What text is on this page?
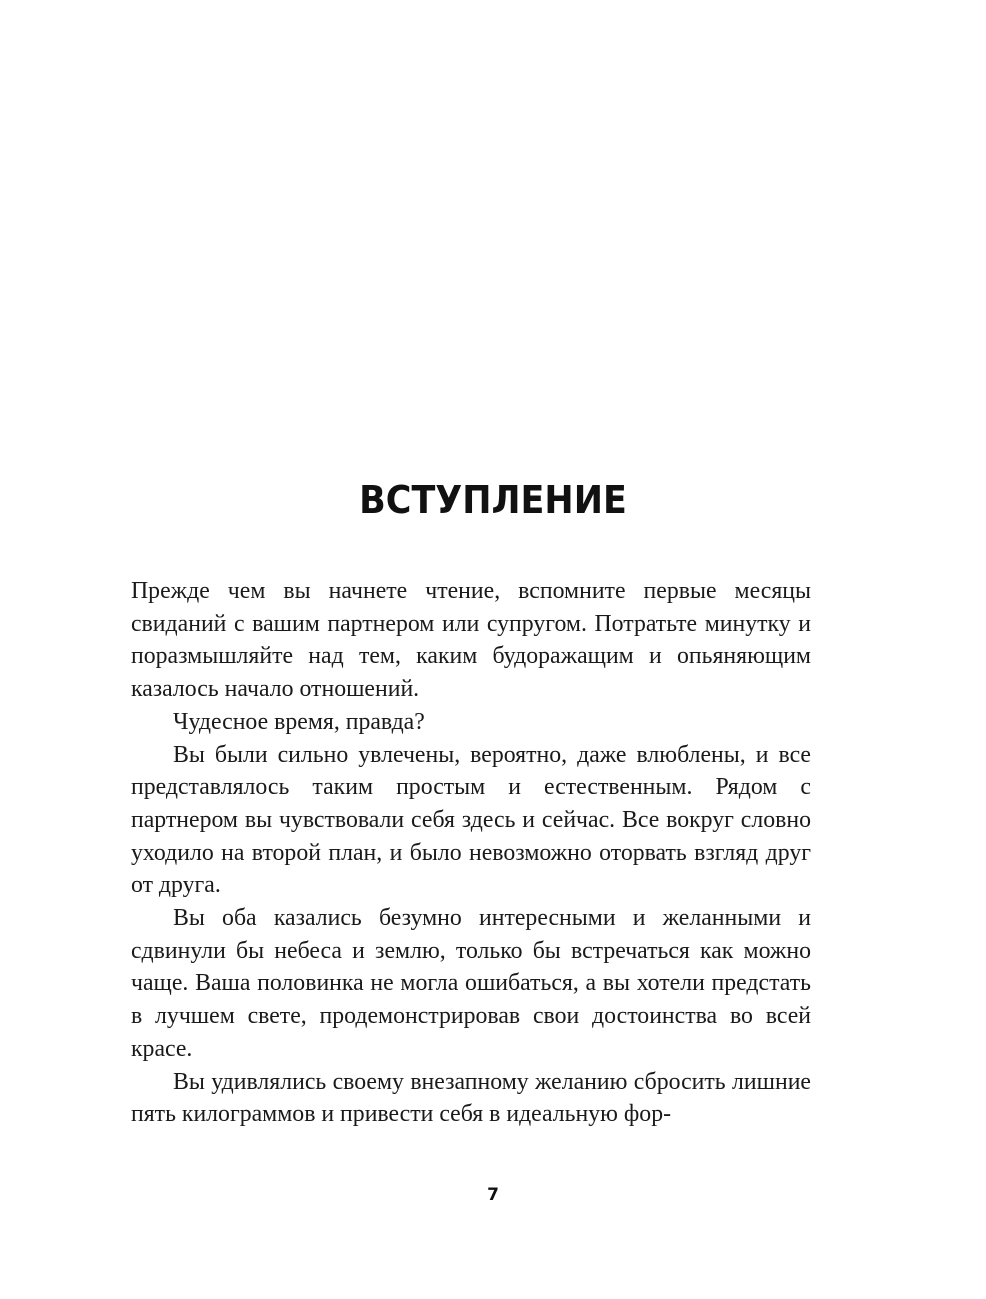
ВСТУПЛЕНИЕ

Прежде чем вы начнете чтение, вспомните первые месяцы свиданий с вашим партнером или супругом. Потратьте минутку и поразмышляйте над тем, каким будоражащим и опьяняющим казалось начало отношений.

Чудесное время, правда?

Вы были сильно увлечены, вероятно, даже влюблены, и все представлялось таким простым и естественным. Рядом с партнером вы чувствовали себя здесь и сейчас. Все вокруг словно уходило на второй план, и было невозможно оторвать взгляд друг от друга.

Вы оба казались безумно интересными и желанными и сдвинули бы небеса и землю, только бы встречаться как можно чаще. Ваша половинка не могла ошибаться, а вы хотели предстать в лучшем свете, продемонстрировав свои достоинства во всей красе.

Вы удивлялись своему внезапному желанию сбросить лишние пять килограммов и привести себя в идеальную фор-

7
